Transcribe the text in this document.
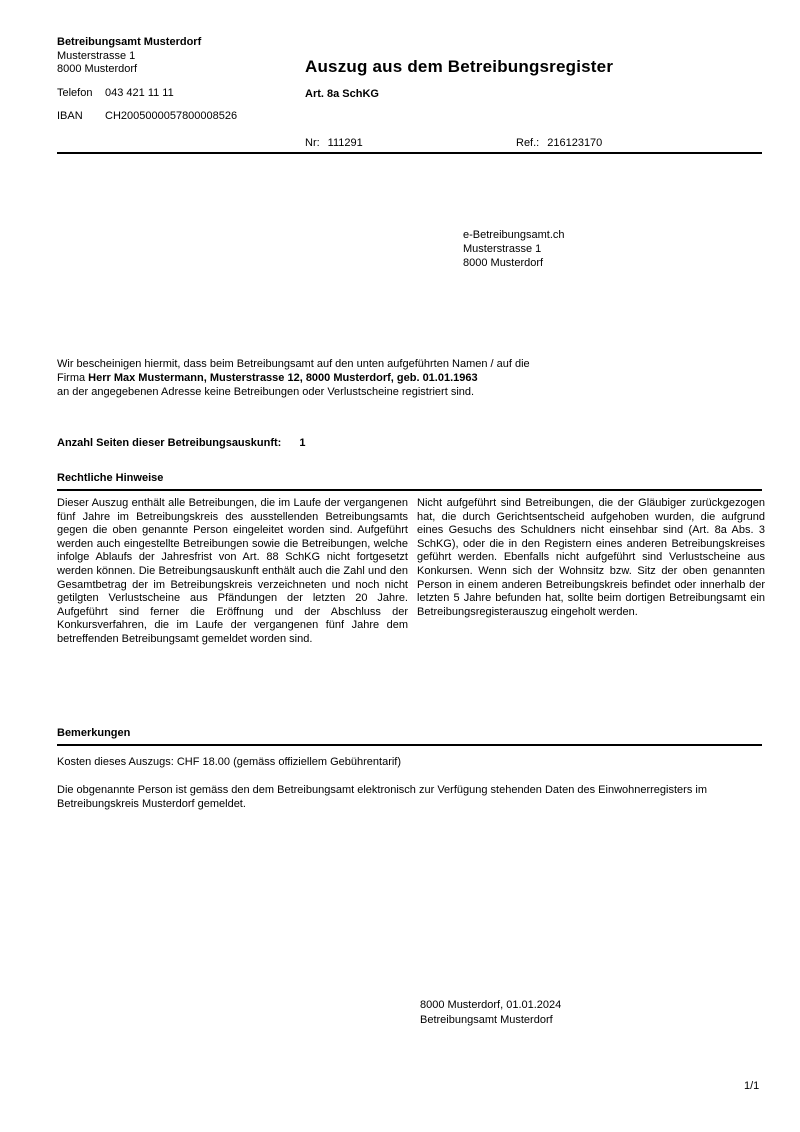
Betreibungsamt Musterdorf
Musterstrasse 1
8000 Musterdorf
Telefon	043 421 11 11
IBAN	CH2005000057800008526
Auszug aus dem Betreibungsregister
Art. 8a SchKG
Nr: 111291	Ref.: 216123170
e-Betreibungsamt.ch
Musterstrasse 1
8000 Musterdorf
Wir bescheinigen hiermit, dass beim Betreibungsamt auf den unten aufgeführten Namen / auf die
Firma Herr Max Mustermann, Musterstrasse 12, 8000 Musterdorf, geb. 01.01.1963
an der angegebenen Adresse keine Betreibungen oder Verlustscheine registriert sind.
Anzahl Seiten dieser Betreibungsauskunft: 1
Rechtliche Hinweise
Dieser Auszug enthält alle Betreibungen, die im Laufe der vergangenen fünf Jahre im Betreibungskreis des ausstellenden Betreibungsamts gegen die oben genannte Person eingeleitet worden sind. Aufgeführt werden auch eingestellte Betreibungen sowie die Betreibungen, welche infolge Ablaufs der Jahresfrist von Art. 88 SchKG nicht fortgesetzt werden können. Die Betreibungsauskunft enthält auch die Zahl und den Gesamtbetrag der im Betreibungskreis verzeichneten und noch nicht getilgten Verlustscheine aus Pfändungen der letzten 20 Jahre. Aufgeführt sind ferner die Eröffnung und der Abschluss der Konkursverfahren, die im Laufe der vergangenen fünf Jahre dem betreffenden Betreibungsamt gemeldet worden sind.
Nicht aufgeführt sind Betreibungen, die der Gläubiger zurückgezogen hat, die durch Gerichtsentscheid aufgehoben wurden, die aufgrund eines Gesuchs des Schuldners nicht einsehbar sind (Art. 8a Abs. 3 SchKG), oder die in den Registern eines anderen Betreibungskreises geführt werden. Ebenfalls nicht aufgeführt sind Verlustscheine aus Konkursen. Wenn sich der Wohnsitz bzw. Sitz der oben genannten Person in einem anderen Betreibungskreis befindet oder innerhalb der letzten 5 Jahre befunden hat, sollte beim dortigen Betreibungsamt ein Betreibungsregisterauszug eingeholt werden.
Bemerkungen
Kosten dieses Auszugs: CHF 18.00 (gemäss offiziellem Gebührentarif)
Die obgenannte Person ist gemäss den dem Betreibungsamt elektronisch zur Verfügung stehenden Daten des Einwohnerregisters im Betreibungskreis Musterdorf gemeldet.
8000 Musterdorf, 01.01.2024
Betreibungsamt Musterdorf
1/1
